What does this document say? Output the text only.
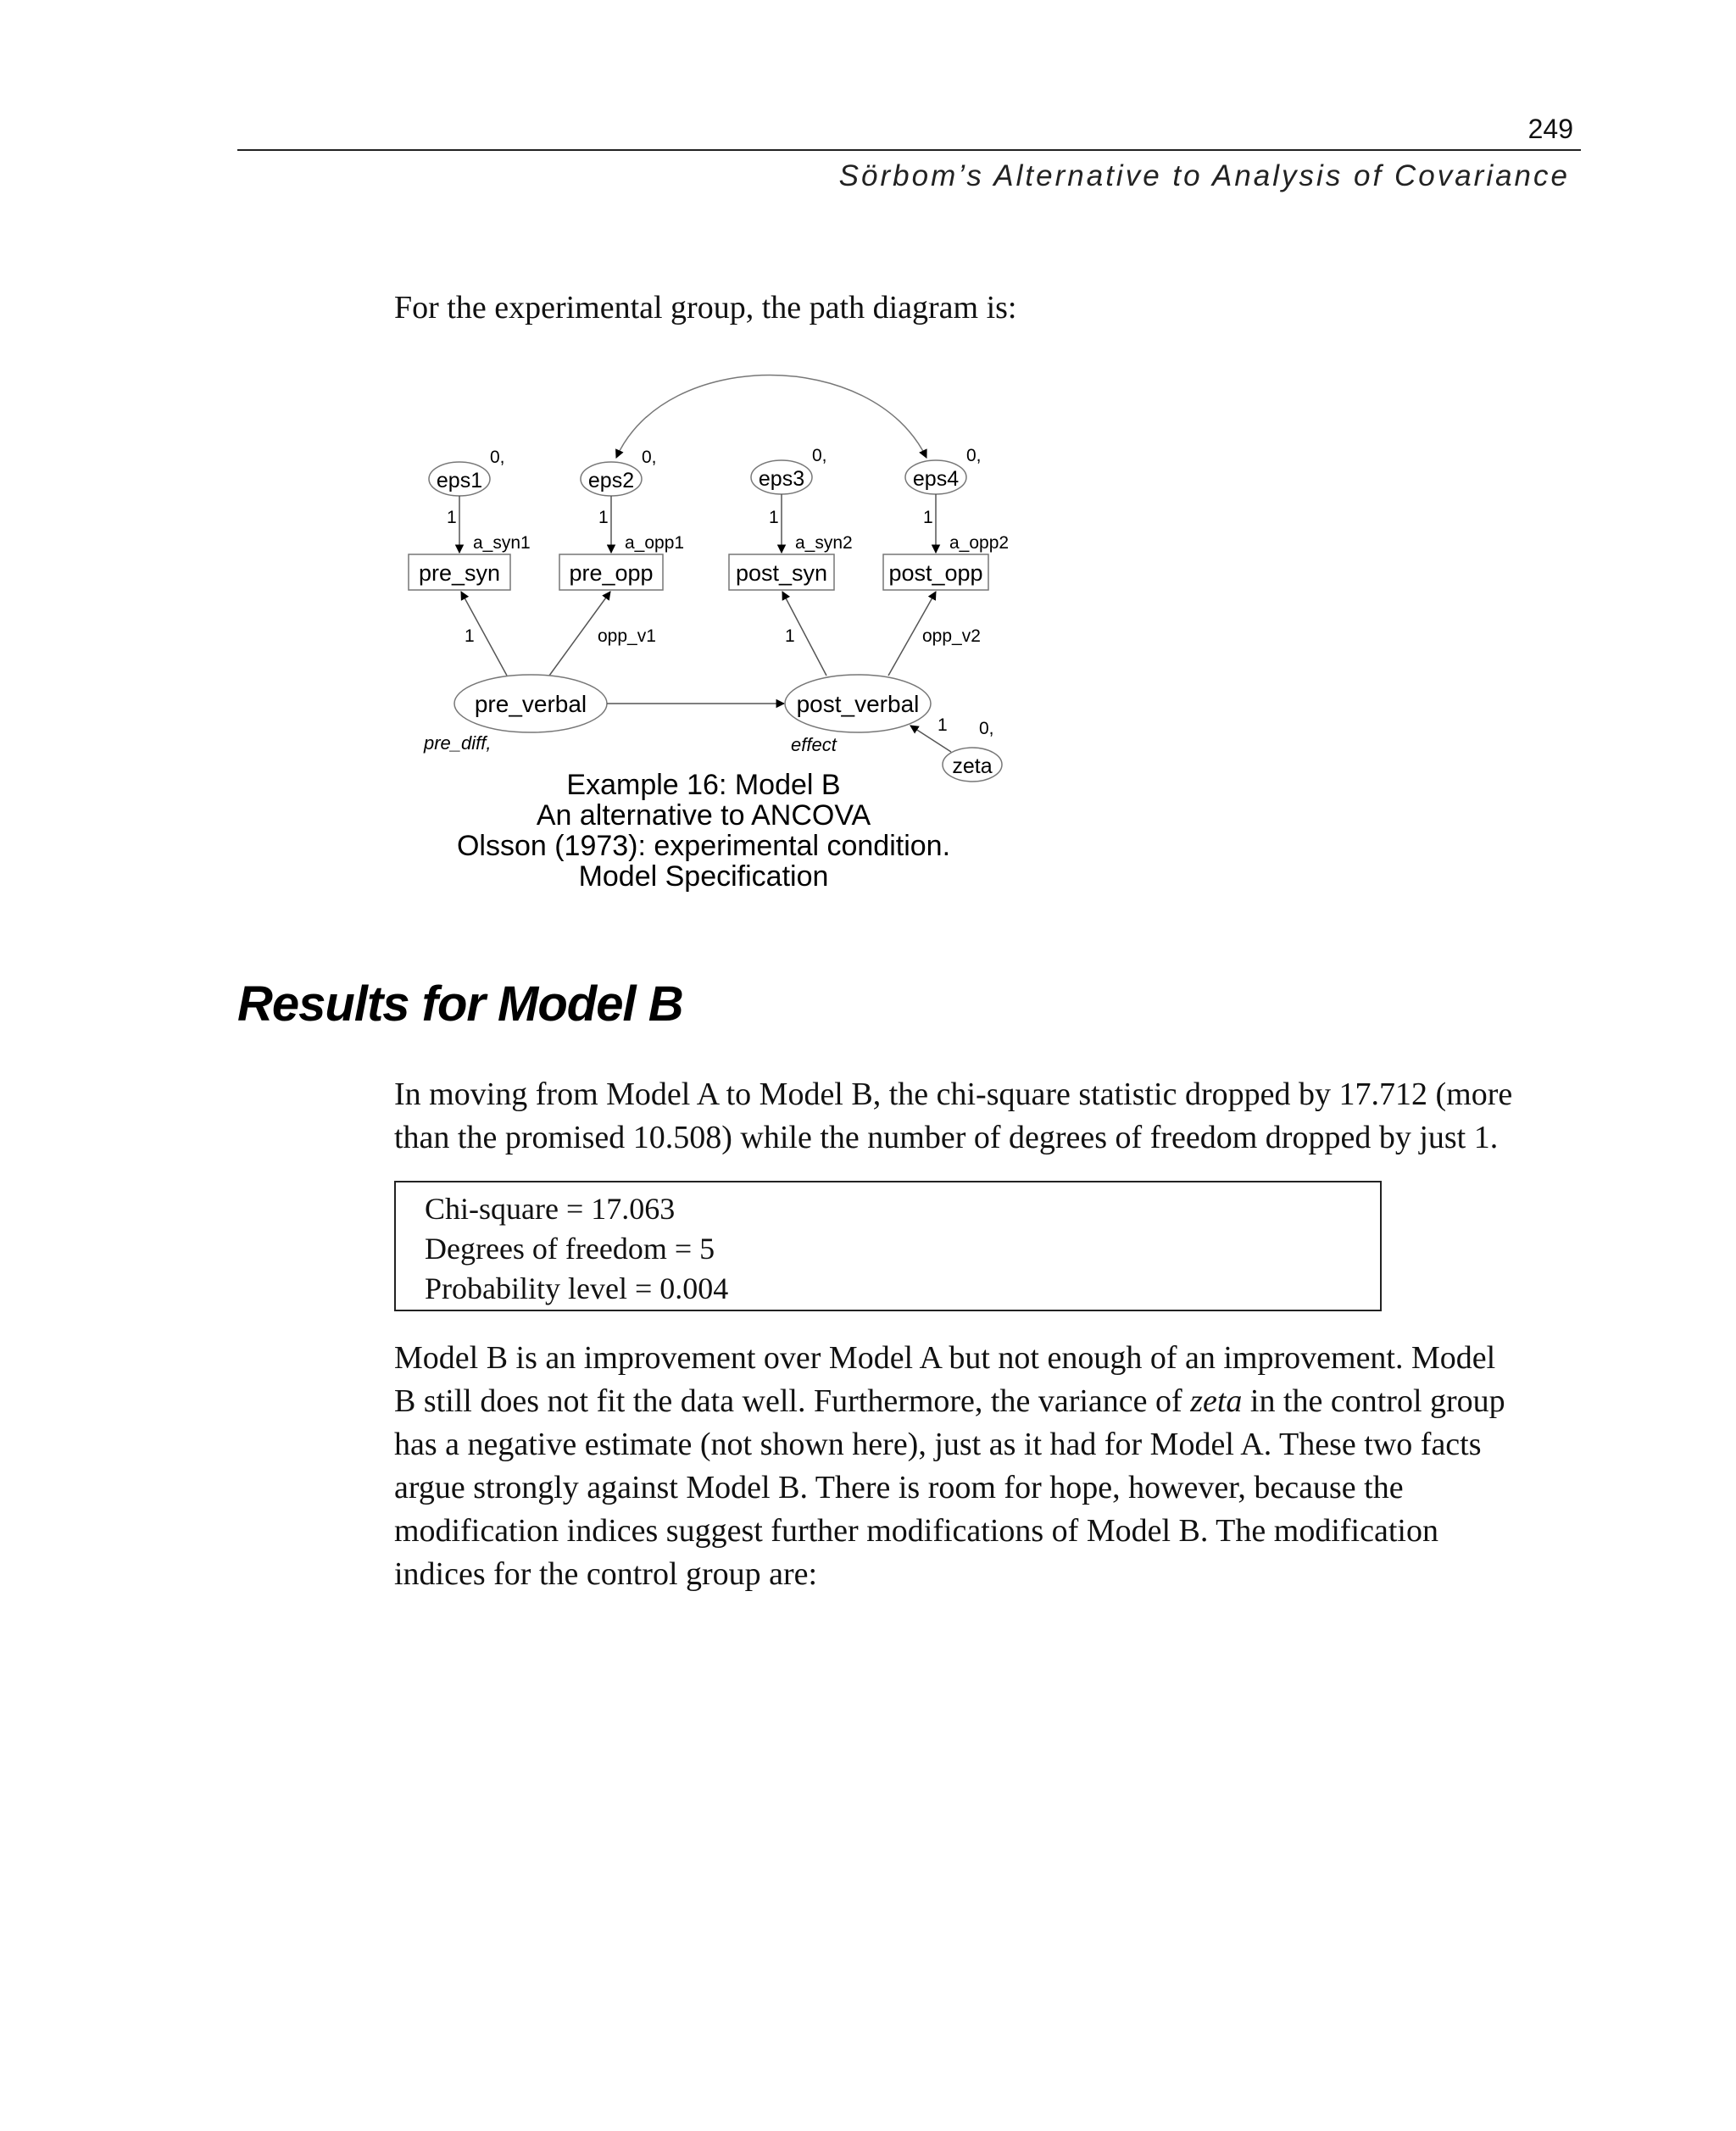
249
Sörbom’s Alternative to Analysis of Covariance

For the experimental group, the path diagram is:

eps1
0,
eps2
0,
eps3
0,
eps4
0,
1	1	1	1
a_syn1	a_opp1	a_syn2	a_opp2
pre_syn	pre_opp	post_syn	post_opp
1	opp_v1	1	opp_v2
pre_verbal
pre_diff,
post_verbal
effect
zeta
0,
1
Example 16: Model B
An alternative to ANCOVA
Olsson (1973): experimental condition.
Model Specification
Results for Model B

In moving from Model A to Model B, the chi-square statistic dropped by 17.712 (more
than the promised 10.508) while the number of degrees of freedom dropped by just 1.

Chi-square = 17.063
Degrees of freedom = 5
Probability level = 0.004

Model B is an improvement over Model A but not enough of an improvement. Model
B still does not fit the data well. Furthermore, the variance of zeta in the control group
has a negative estimate (not shown here), just as it had for Model A. These two facts
argue strongly against Model B. There is room for hope, however, because the
modification indices suggest further modifications of Model B. The modification
indices for the control group are:
